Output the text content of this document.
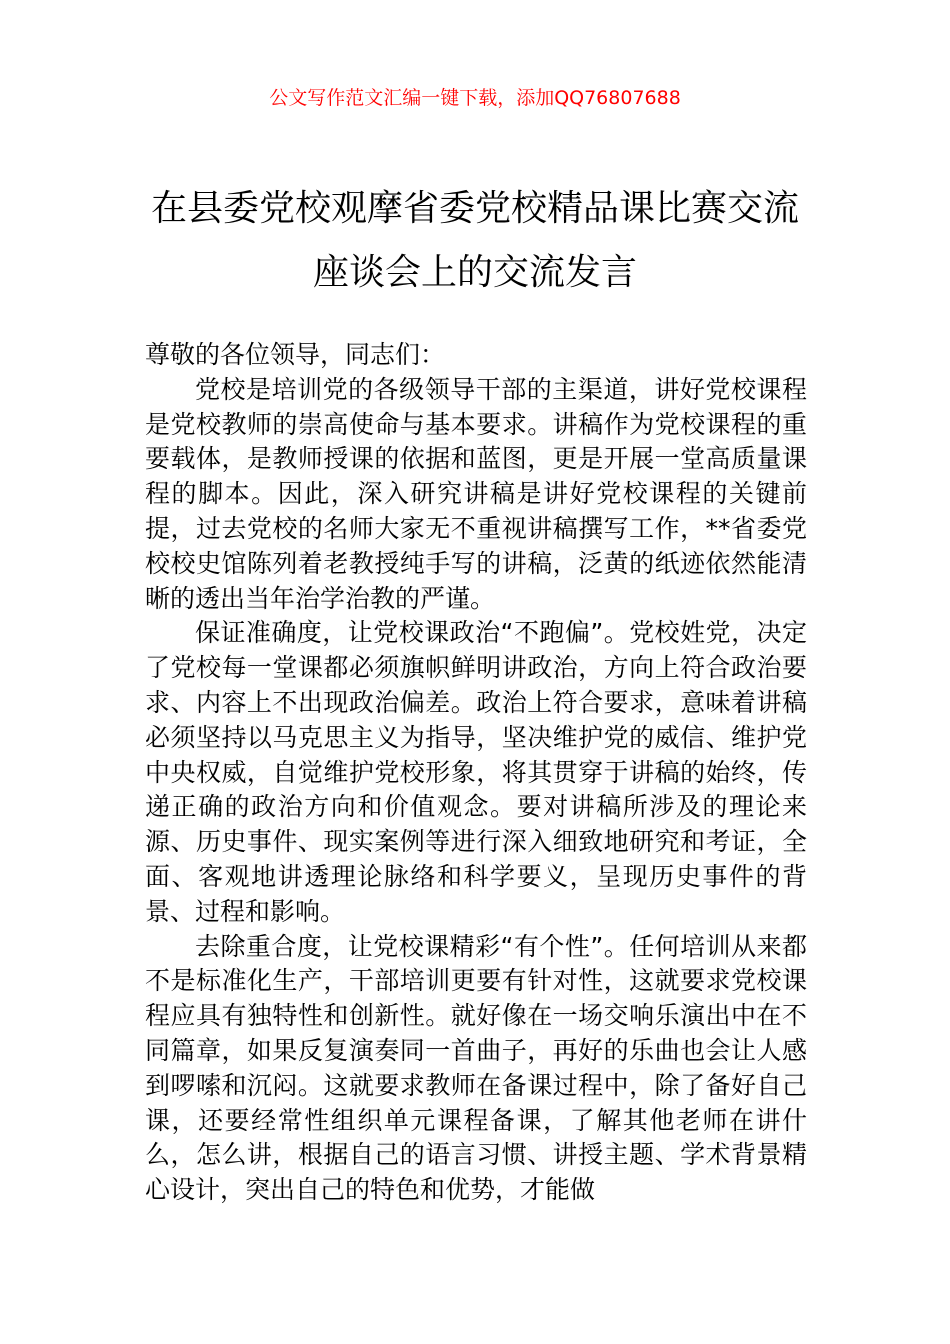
公文写作范文汇编一键下载，添加QQ76807688
在县委党校观摩省委党校精品课比赛交流
座谈会上的交流发言

尊敬的各位领导，同志们：

党校是培训党的各级领导干部的主渠道，讲好党校课程是党校教师的崇高使命与基本要求。讲稿作为党校课程的重要载体，是教师授课的依据和蓝图，更是开展一堂高质量课程的脚本。因此，深入研究讲稿是讲好党校课程的关键前提，过去党校的名师大家无不重视讲稿撰写工作，**省委党校校史馆陈列着老教授纯手写的讲稿，泛黄的纸迹依然能清晰的透出当年治学治教的严谨。

保证准确度，让党校课政治“不跑偏”。党校姓党，决定了党校每一堂课都必须旗帜鲜明讲政治，方向上符合政治要求、内容上不出现政治偏差。政治上符合要求，意味着讲稿必须坚持以马克思主义为指导，坚决维护党的威信、维护党中央权威，自觉维护党校形象，将其贯穿于讲稿的始终，传递正确的政治方向和价值观念。要对讲稿所涉及的理论来源、历史事件、现实案例等进行深入细致地研究和考证，全面、客观地讲透理论脉络和科学要义，呈现历史事件的背景、过程和影响。

去除重合度，让党校课精彩“有个性”。任何培训从来都不是标准化生产，干部培训更要有针对性，这就要求党校课程应具有独特性和创新性。就好像在一场交响乐演出中在不同篇章，如果反复演奏同一首曲子，再好的乐曲也会让人感到啰嗦和沉闷。这就要求教师在备课过程中，除了备好自己课，还要经常性组织单元课程备课，了解其他老师在讲什么，怎么讲，根据自己的语言习惯、讲授主题、学术背景精心设计，突出自己的特色和优势，才能做
